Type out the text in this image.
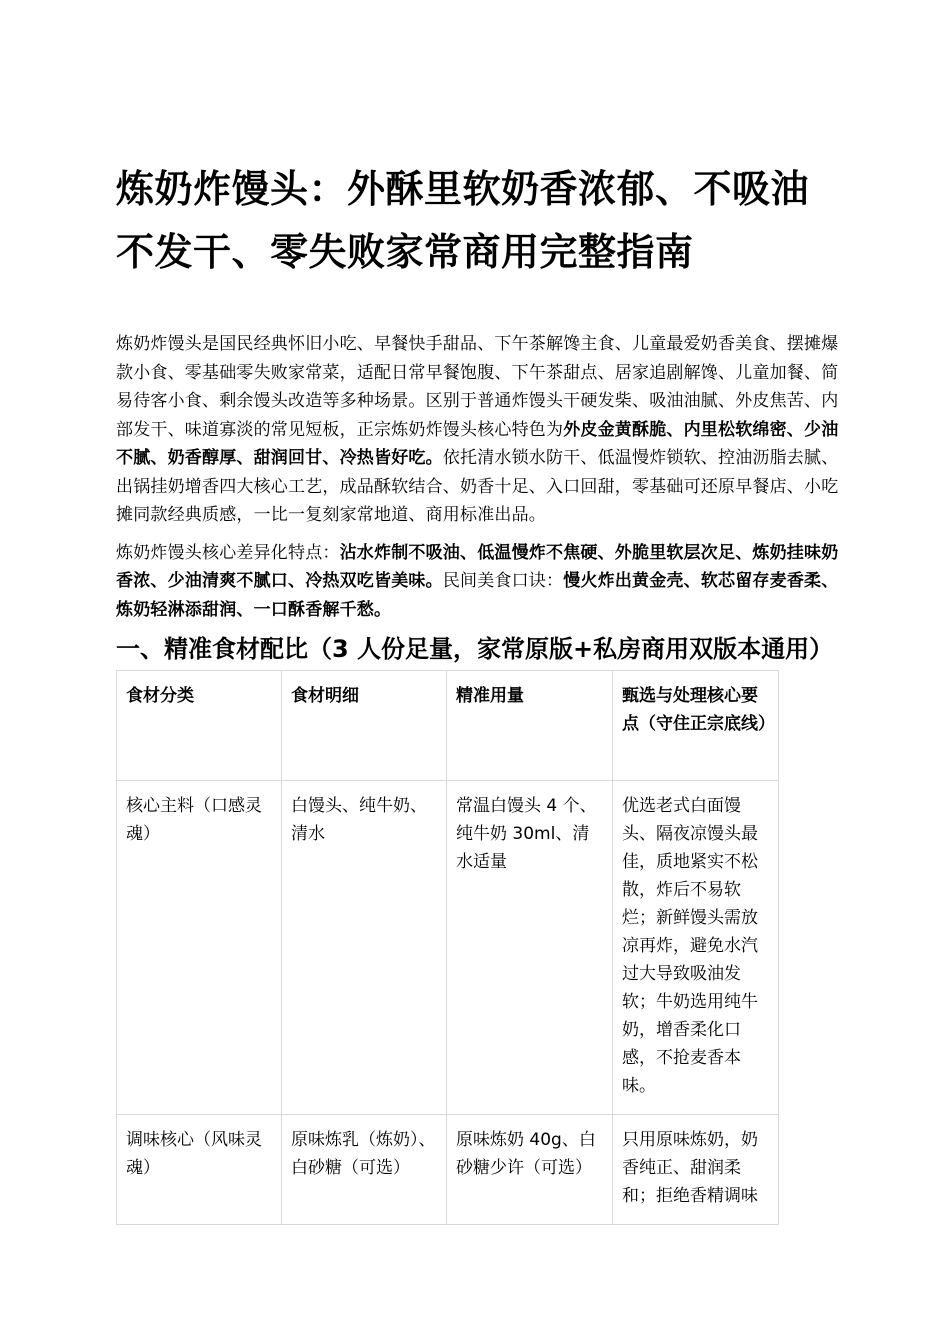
炼奶炸馒头：外酥里软奶香浓郁、不吸油不发干、零失败家常商用完整指南

炼奶炸馒头是国民经典怀旧小吃、早餐快手甜品、下午茶解馋主食、儿童最爱奶香美食、摆摊爆款小食、零基础零失败家常菜，适配日常早餐饱腹、下午茶甜点、居家追剧解馋、儿童加餐、简易待客小食、剩余馒头改造等多种场景。区别于普通炸馒头干硬发柴、吸油油腻、外皮焦苦、内部发干、味道寡淡的常见短板，正宗炼奶炸馒头核心特色为外皮金黄酥脆、内里松软绵密、少油不腻、奶香醇厚、甜润回甘、冷热皆好吃。依托清水锁水防干、低温慢炸锁软、控油沥脂去腻、出锅挂奶增香四大核心工艺，成品酥软结合、奶香十足、入口回甜，零基础可还原早餐店、小吃摊同款经典质感，一比一复刻家常地道、商用标准出品。

炼奶炸馒头核心差异化特点：沾水炸制不吸油、低温慢炸不焦硬、外脆里软层次足、炼奶挂味奶香浓、少油清爽不腻口、冷热双吃皆美味。民间美食口诀：慢火炸出黄金壳、软芯留存麦香柔、炼奶轻淋添甜润、一口酥香解千愁。

一、精准食材配比（3 人份足量，家常原版+私房商用双版本通用）
食材分类	食材明细	精准用量	甄选与处理核心要点（守住正宗底线）
核心主料（口感灵魂）	白馒头、纯牛奶、清水	常温白馒头 4 个、纯牛奶 30ml、清水适量	优选老式白面馒头、隔夜凉馒头最佳，质地紧实不松散，炸后不易软烂；新鲜馒头需放凉再炸，避免水汽过大导致吸油发软；牛奶选用纯牛奶，增香柔化口感，不抢麦香本味。
调味核心（风味灵魂）	原味炼乳（炼奶）、白砂糖（可选）	原味炼奶 40g、白砂糖少许（可选）	只用原味炼奶，奶香纯正、甜润柔和；拒绝香精调味
